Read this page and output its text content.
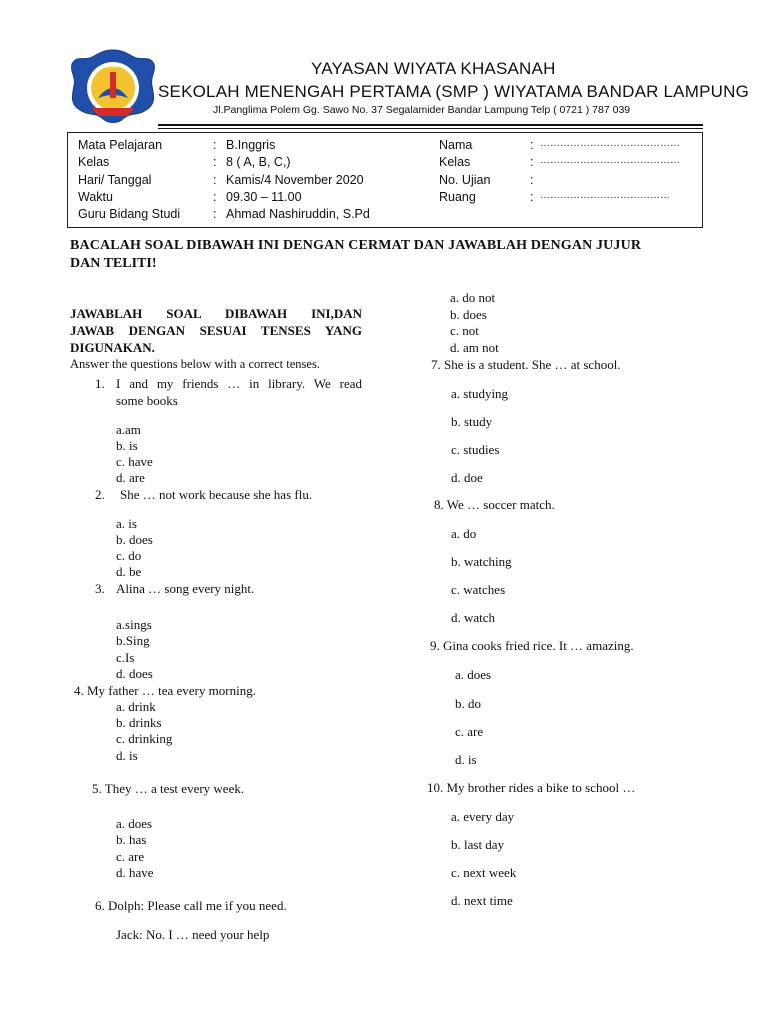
SMP	YAYASAN WIYATA KHASANAH
SEKOLAH MENENGAH PERTAMA (SMP ) WIYATAMA BANDAR LAMPUNG
Jl.Panglima Polem Gg. Sawo No. 37 Segalamider Bandar Lampung Telp ( 0721 ) 787 039
Mata Pelajaran	: B.Inggris
Kelas	: 8 ( A, B, C,)
Hari/ Tanggal	: Kamis/4 November 2020
Waktu	: 09.30 – 11.00
Guru Bidang Studi	: Ahmad Nashiruddin, S.Pd
Nama	: ……………………………………
Kelas	: ……………………………………
No. Ujian	:
Ruang	: …………………………………
BACALAH SOAL DIBAWAH INI DENGAN CERMAT DAN JAWABLAH DENGAN JUJUR
DAN TELITI!
JAWABLAH SOAL DIBAWAH INI,DAN
JAWAB DENGAN SESUAI TENSES YANG
DIGUNAKAN.
Answer the questions below with a correct tenses.
1. I and my friends … in library. We read
some books
a.am
b. is
c. have
d. are
2. She … not work because she has flu.
a. is
b. does
c. do
d. be
3. Alina … song every night.
a.sings
b.Sing
c.Is
d. does
4. My father … tea every morning.
a. drink
b. drinks
c. drinking
d. is
5. They … a test every week.
a. does
b. has
c. are
d. have
6. Dolph: Please call me if you need.
Jack: No. I … need your help
a. do not
b. does
c. not
d. am not
7. She is a student. She … at school.
a. studying
b. study
c. studies
d. doe
8. We … soccer match.
a. do
b. watching
c. watches
d. watch
9. Gina cooks fried rice. It … amazing.
a. does
b. do
c. are
d. is
10. My brother rides a bike to school …
a. every day
b. last day
c. next week
d. next time
